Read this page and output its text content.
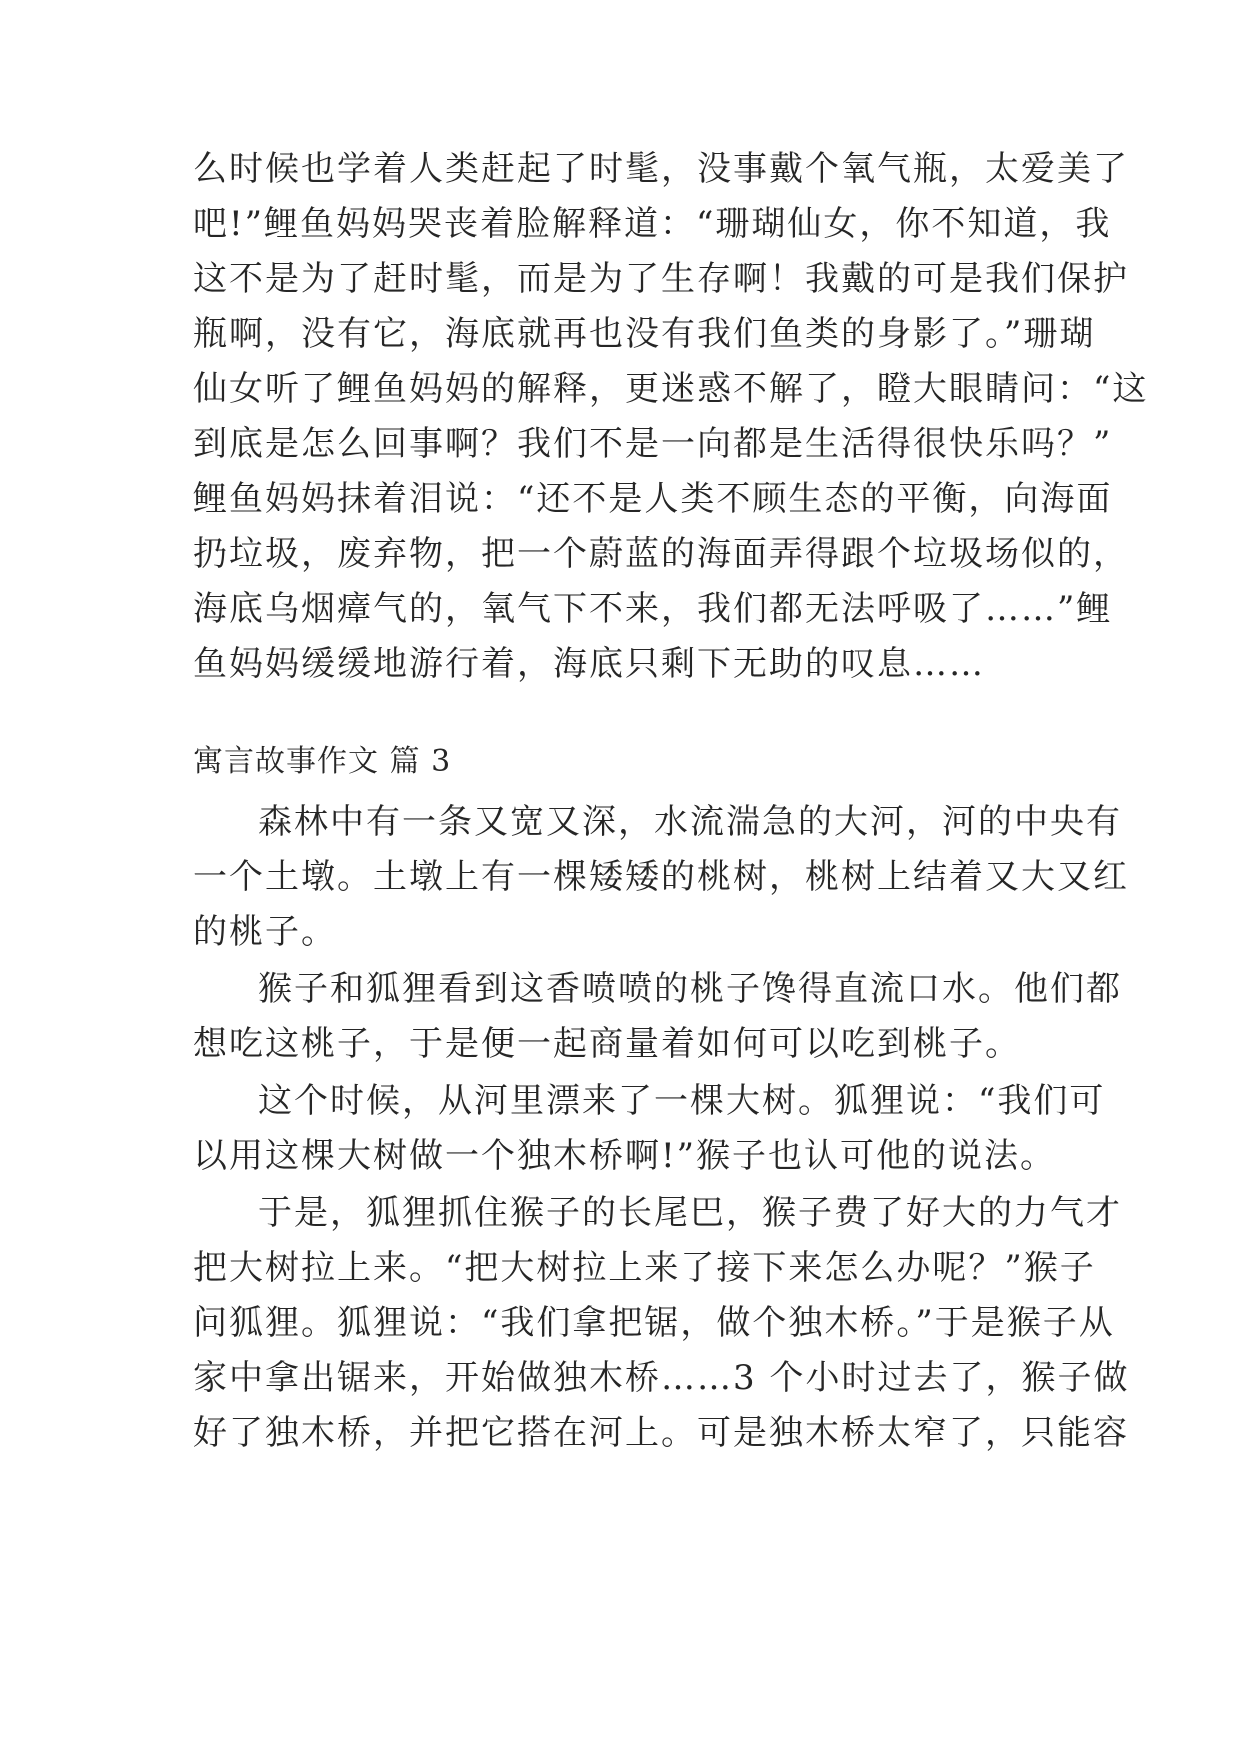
么时候也学着人类赶起了时髦，没事戴个氧气瓶，太爱美了
吧!”鲤鱼妈妈哭丧着脸解释道：“珊瑚仙女，你不知道，我
这不是为了赶时髦，而是为了生存啊！我戴的可是我们保护
瓶啊，没有它，海底就再也没有我们鱼类的身影了。”珊瑚
仙女听了鲤鱼妈妈的解释，更迷惑不解了，瞪大眼睛问：“这
到底是怎么回事啊？我们不是一向都是生活得很快乐吗？”
鲤鱼妈妈抹着泪说：“还不是人类不顾生态的平衡，向海面
扔垃圾，废弃物，把一个蔚蓝的海面弄得跟个垃圾场似的，
海底乌烟瘴气的，氧气下不来，我们都无法呼吸了……”鲤
鱼妈妈缓缓地游行着，海底只剩下无助的叹息……
寓言故事作文 篇 3
森林中有一条又宽又深，水流湍急的大河，河的中央有
一个土墩。土墩上有一棵矮矮的桃树，桃树上结着又大又红
的桃子。
猴子和狐狸看到这香喷喷的桃子馋得直流口水。他们都
想吃这桃子，于是便一起商量着如何可以吃到桃子。
这个时候，从河里漂来了一棵大树。狐狸说：“我们可
以用这棵大树做一个独木桥啊!”猴子也认可他的说法。
于是，狐狸抓住猴子的长尾巴，猴子费了好大的力气才
把大树拉上来。“把大树拉上来了接下来怎么办呢？”猴子
问狐狸。狐狸说：“我们拿把锯，做个独木桥。”于是猴子从
家中拿出锯来，开始做独木桥……3 个小时过去了，猴子做
好了独木桥，并把它搭在河上。可是独木桥太窄了，只能容
